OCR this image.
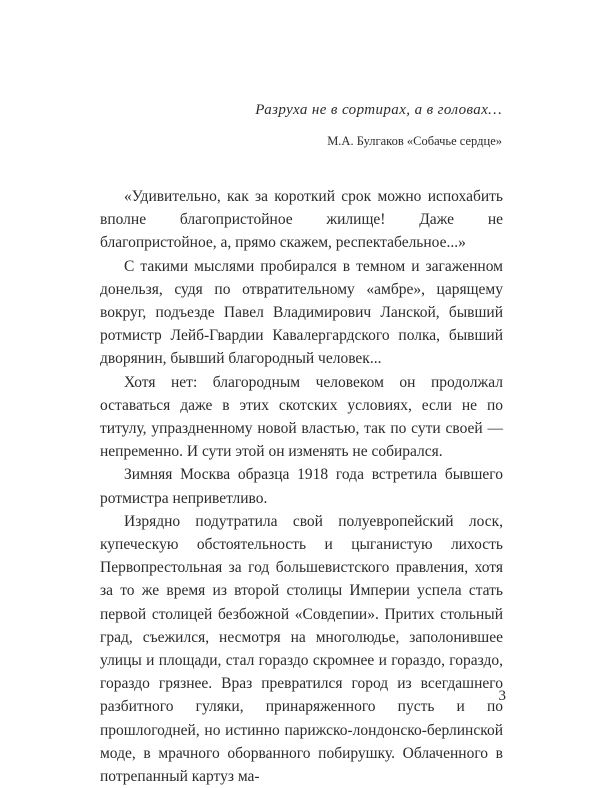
Разруха не в сортирах, а в головах…

М.А. Булгаков «Собачье сердце»

«Удивительно, как за короткий срок можно испохабить вполне благопристойное жилище! Даже не благопристойное, а, прямо скажем, респектабельное...»

С такими мыслями пробирался в темном и загаженном донельзя, судя по отвратительному «амбре», царящему вокруг, подъезде Павел Владимирович Ланской, бывший ротмистр Лейб-Гвардии Кавалергардского полка, бывший дворянин, бывший благородный человек...

Хотя нет: благородным человеком он продолжал оставаться даже в этих скотских условиях, если не по титулу, упраздненному новой властью, так по сути своей — непременно. И сути этой он изменять не собирался.

Зимняя Москва образца 1918 года встретила бывшего ротмистра неприветливо.

Изрядно подутратила свой полуевропейский лоск, купеческую обстоятельность и цыганистую лихость Первопрестольная за год большевистского правления, хотя за то же время из второй столицы Империи успела стать первой столицей безбожной «Совдепии». Притих стольный град, съежился, несмотря на многолюдье, заполонившее улицы и площади, стал гораздо скромнее и гораздо, гораздо, гораздо грязнее. Враз превратился город из всегдашнего разбитного гуляки, принаряженного пусть и по прошлогодней, но истинно парижско-лондонско-берлинской моде, в мрачного оборванного побирушку. Облаченного в потрепанный картуз ма-

3
